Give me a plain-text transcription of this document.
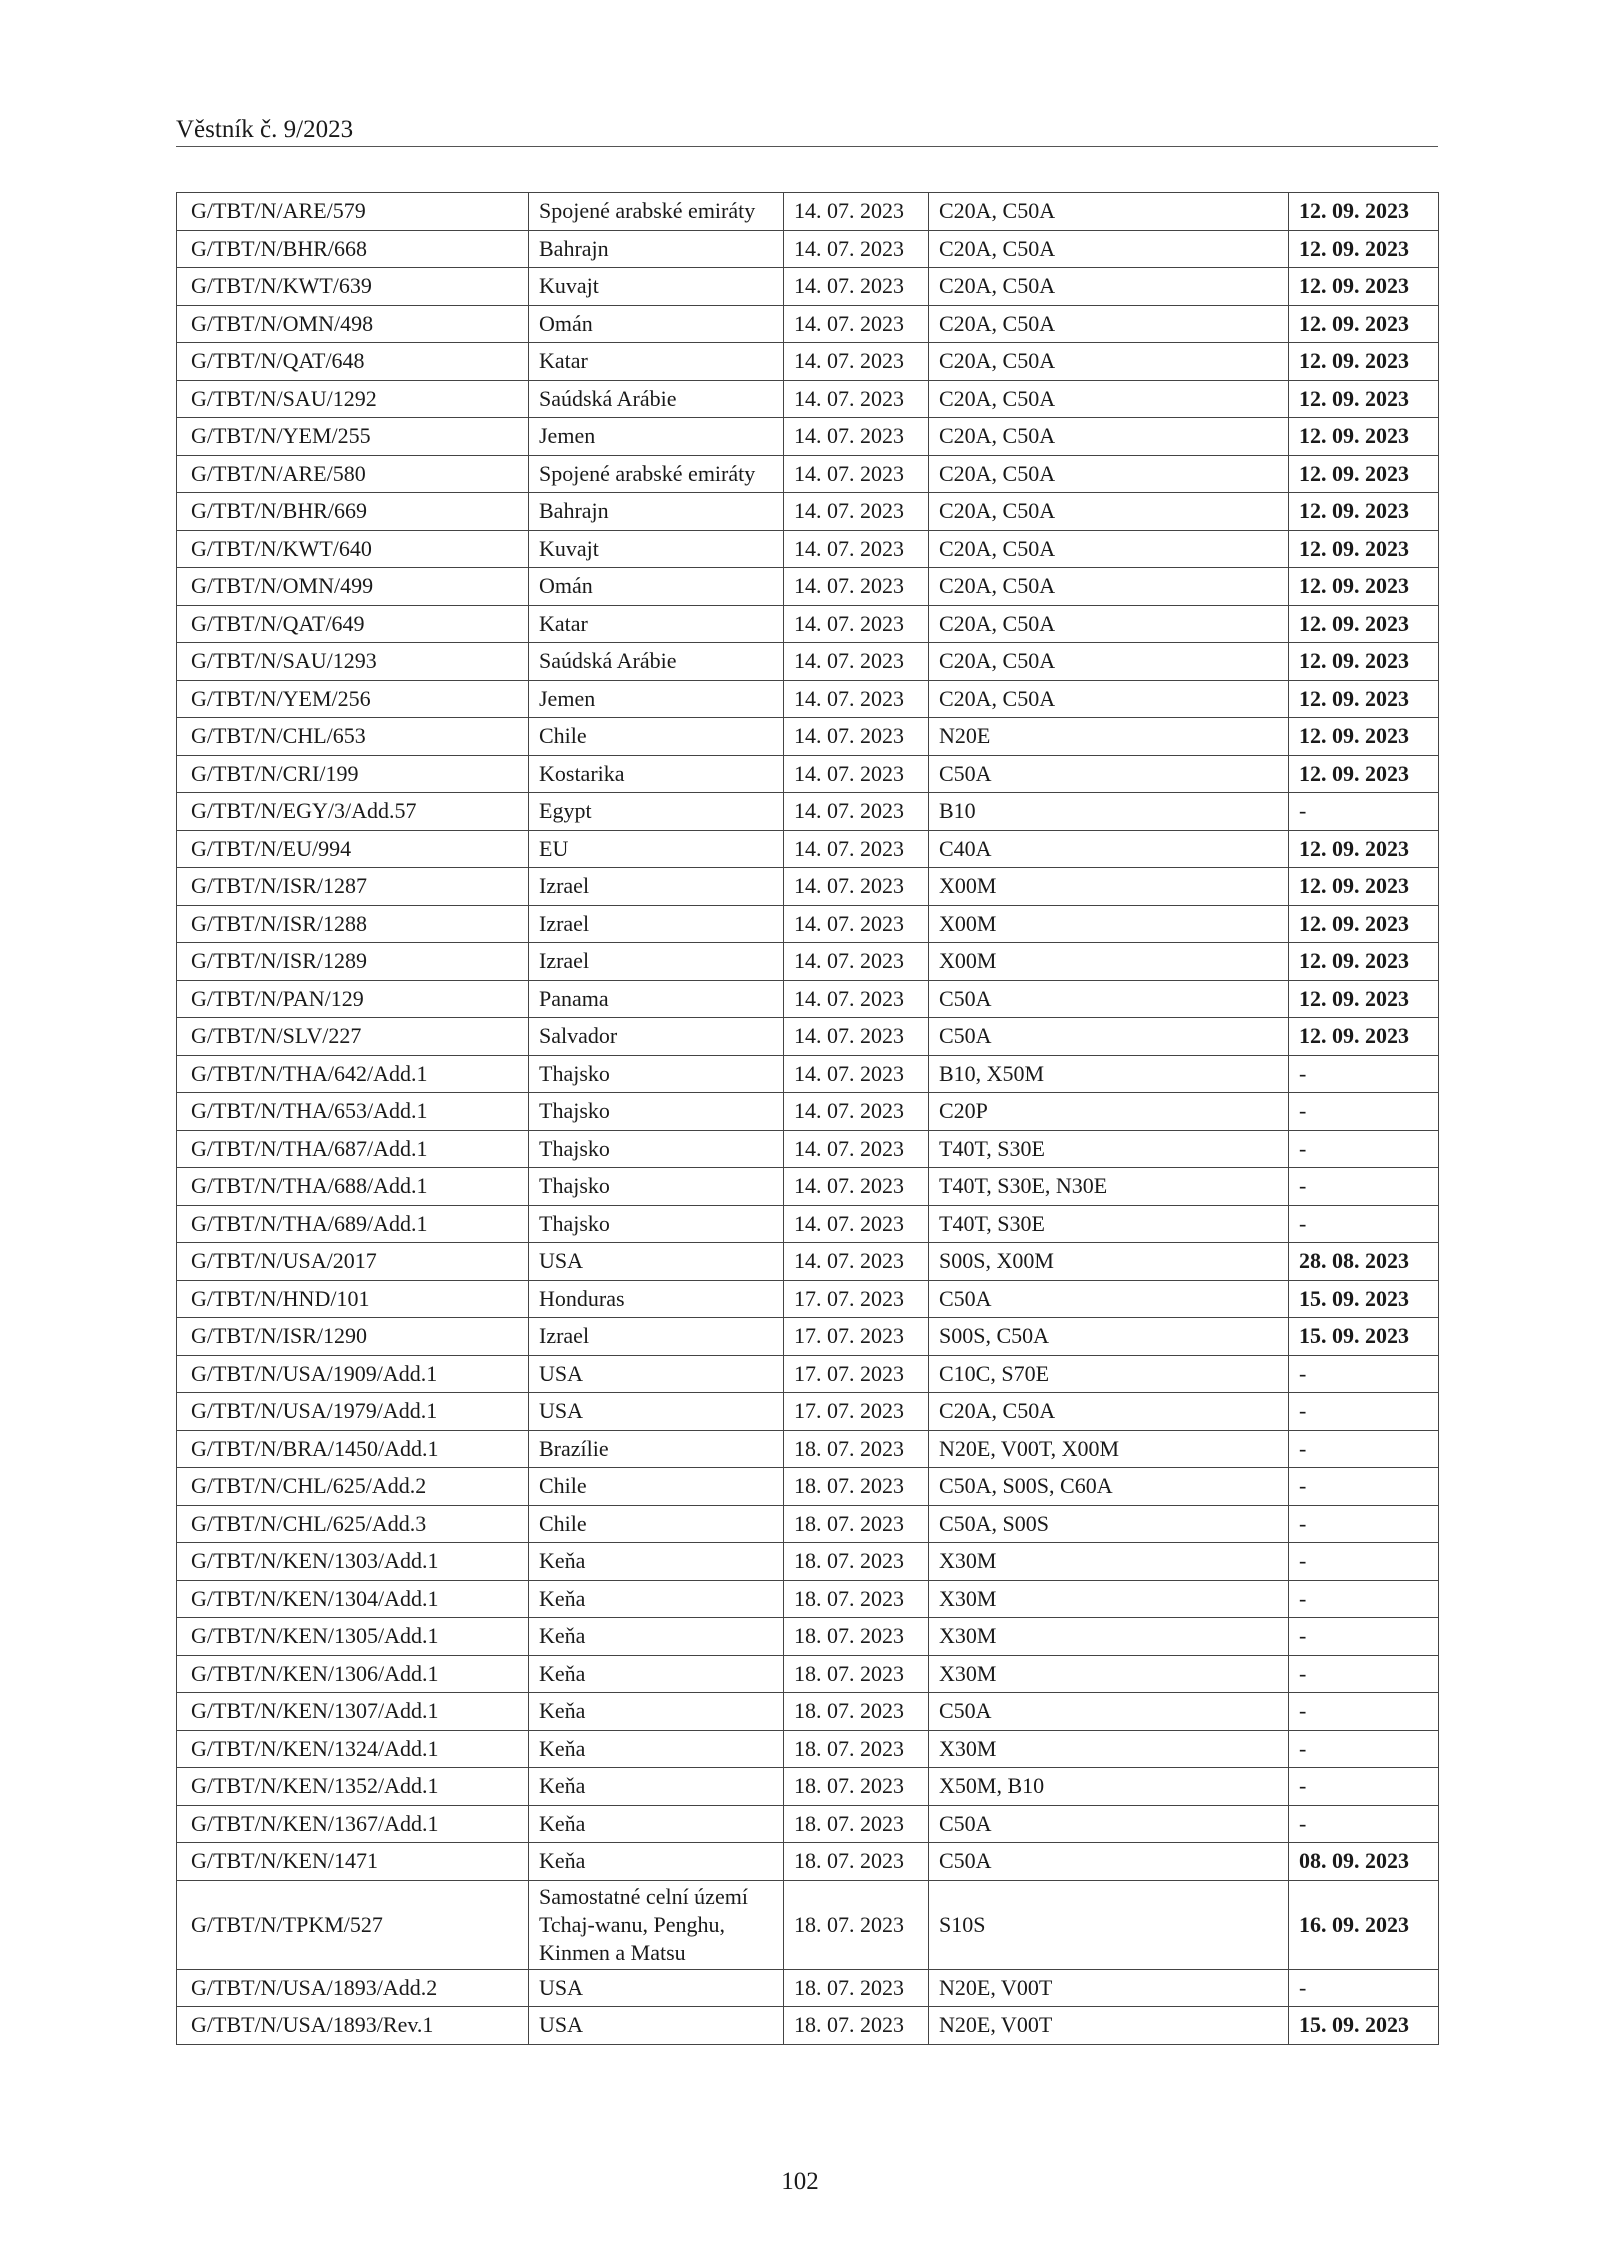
Věstník č. 9/2023
G/TBT/N/ARE/579	Spojené arabské emiráty	14. 07. 2023	C20A, C50A	12. 09. 2023
G/TBT/N/BHR/668	Bahrajn	14. 07. 2023	C20A, C50A	12. 09. 2023
G/TBT/N/KWT/639	Kuvajt	14. 07. 2023	C20A, C50A	12. 09. 2023
G/TBT/N/OMN/498	Omán	14. 07. 2023	C20A, C50A	12. 09. 2023
G/TBT/N/QAT/648	Katar	14. 07. 2023	C20A, C50A	12. 09. 2023
G/TBT/N/SAU/1292	Saúdská Arábie	14. 07. 2023	C20A, C50A	12. 09. 2023
G/TBT/N/YEM/255	Jemen	14. 07. 2023	C20A, C50A	12. 09. 2023
G/TBT/N/ARE/580	Spojené arabské emiráty	14. 07. 2023	C20A, C50A	12. 09. 2023
G/TBT/N/BHR/669	Bahrajn	14. 07. 2023	C20A, C50A	12. 09. 2023
G/TBT/N/KWT/640	Kuvajt	14. 07. 2023	C20A, C50A	12. 09. 2023
G/TBT/N/OMN/499	Omán	14. 07. 2023	C20A, C50A	12. 09. 2023
G/TBT/N/QAT/649	Katar	14. 07. 2023	C20A, C50A	12. 09. 2023
G/TBT/N/SAU/1293	Saúdská Arábie	14. 07. 2023	C20A, C50A	12. 09. 2023
G/TBT/N/YEM/256	Jemen	14. 07. 2023	C20A, C50A	12. 09. 2023
G/TBT/N/CHL/653	Chile	14. 07. 2023	N20E	12. 09. 2023
G/TBT/N/CRI/199	Kostarika	14. 07. 2023	C50A	12. 09. 2023
G/TBT/N/EGY/3/Add.57	Egypt	14. 07. 2023	B10	-
G/TBT/N/EU/994	EU	14. 07. 2023	C40A	12. 09. 2023
G/TBT/N/ISR/1287	Izrael	14. 07. 2023	X00M	12. 09. 2023
G/TBT/N/ISR/1288	Izrael	14. 07. 2023	X00M	12. 09. 2023
G/TBT/N/ISR/1289	Izrael	14. 07. 2023	X00M	12. 09. 2023
G/TBT/N/PAN/129	Panama	14. 07. 2023	C50A	12. 09. 2023
G/TBT/N/SLV/227	Salvador	14. 07. 2023	C50A	12. 09. 2023
G/TBT/N/THA/642/Add.1	Thajsko	14. 07. 2023	B10, X50M	-
G/TBT/N/THA/653/Add.1	Thajsko	14. 07. 2023	C20P	-
G/TBT/N/THA/687/Add.1	Thajsko	14. 07. 2023	T40T, S30E	-
G/TBT/N/THA/688/Add.1	Thajsko	14. 07. 2023	T40T, S30E, N30E	-
G/TBT/N/THA/689/Add.1	Thajsko	14. 07. 2023	T40T, S30E	-
G/TBT/N/USA/2017	USA	14. 07. 2023	S00S, X00M	28. 08. 2023
G/TBT/N/HND/101	Honduras	17. 07. 2023	C50A	15. 09. 2023
G/TBT/N/ISR/1290	Izrael	17. 07. 2023	S00S, C50A	15. 09. 2023
G/TBT/N/USA/1909/Add.1	USA	17. 07. 2023	C10C, S70E	-
G/TBT/N/USA/1979/Add.1	USA	17. 07. 2023	C20A, C50A	-
G/TBT/N/BRA/1450/Add.1	Brazílie	18. 07. 2023	N20E, V00T, X00M	-
G/TBT/N/CHL/625/Add.2	Chile	18. 07. 2023	C50A, S00S, C60A	-
G/TBT/N/CHL/625/Add.3	Chile	18. 07. 2023	C50A, S00S	-
G/TBT/N/KEN/1303/Add.1	Keňa	18. 07. 2023	X30M	-
G/TBT/N/KEN/1304/Add.1	Keňa	18. 07. 2023	X30M	-
G/TBT/N/KEN/1305/Add.1	Keňa	18. 07. 2023	X30M	-
G/TBT/N/KEN/1306/Add.1	Keňa	18. 07. 2023	X30M	-
G/TBT/N/KEN/1307/Add.1	Keňa	18. 07. 2023	C50A	-
G/TBT/N/KEN/1324/Add.1	Keňa	18. 07. 2023	X30M	-
G/TBT/N/KEN/1352/Add.1	Keňa	18. 07. 2023	X50M, B10	-
G/TBT/N/KEN/1367/Add.1	Keňa	18. 07. 2023	C50A	-
G/TBT/N/KEN/1471	Keňa	18. 07. 2023	C50A	08. 09. 2023
G/TBT/N/TPKM/527	Samostatné celní území Tchaj-wanu, Penghu, Kinmen a Matsu	18. 07. 2023	S10S	16. 09. 2023
G/TBT/N/USA/1893/Add.2	USA	18. 07. 2023	N20E, V00T	-
G/TBT/N/USA/1893/Rev.1	USA	18. 07. 2023	N20E, V00T	15. 09. 2023
102
